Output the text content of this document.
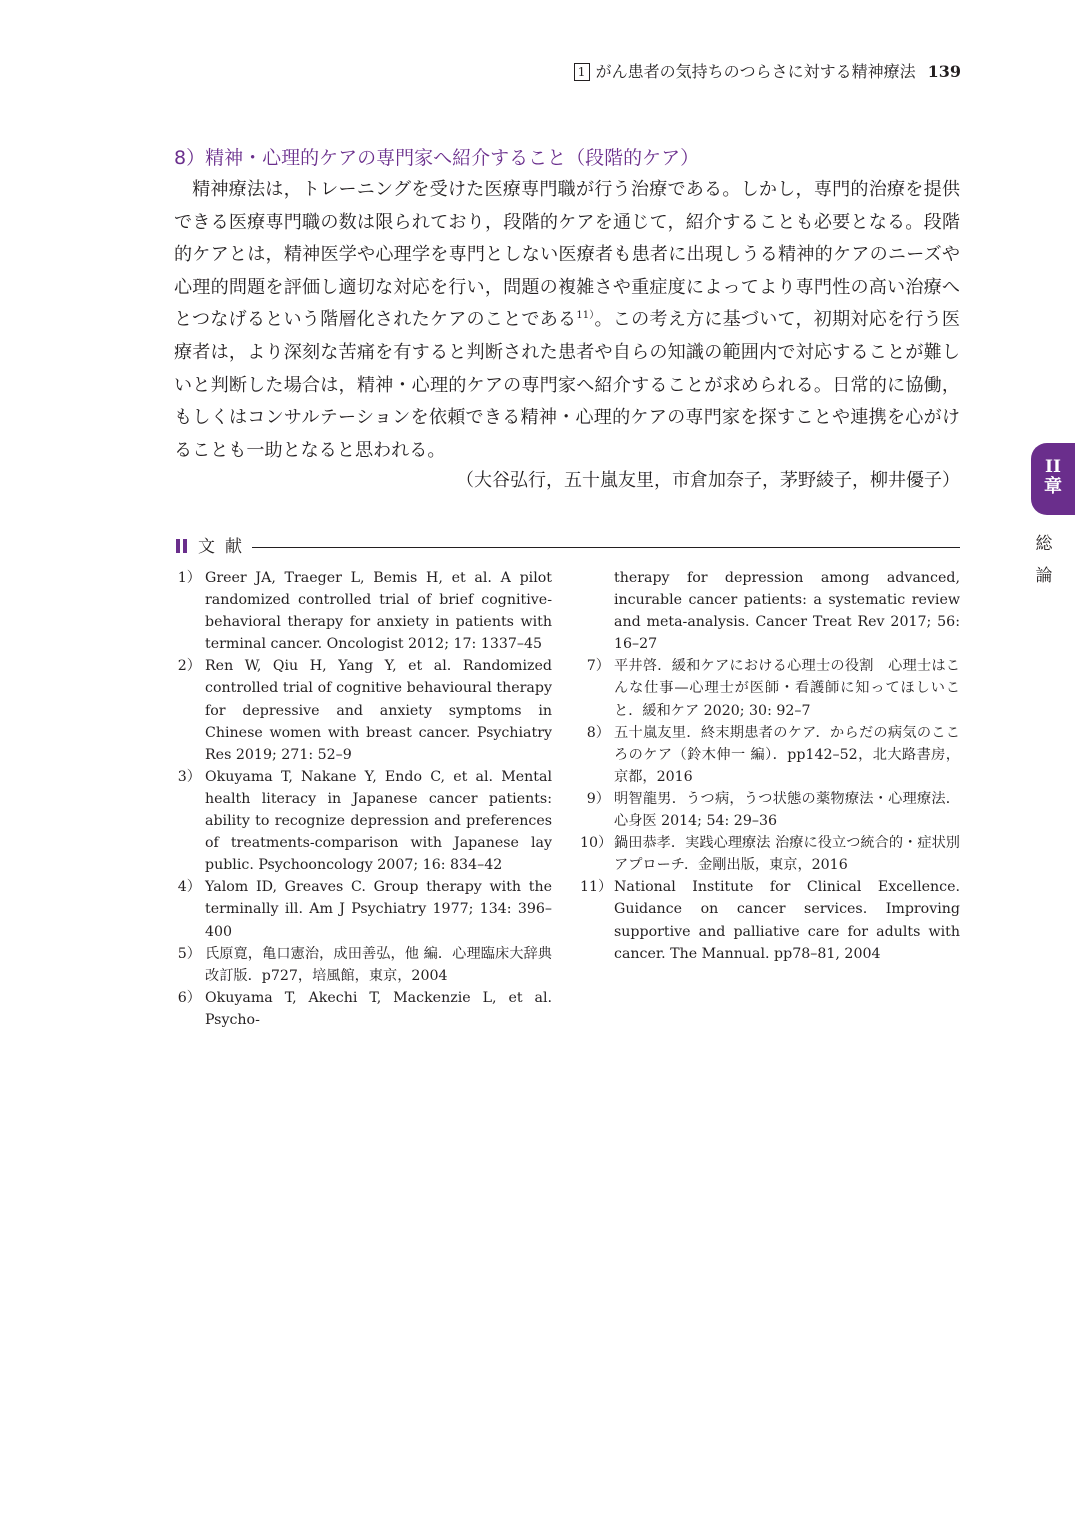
1 がん患者の気持ちのつらさに対する精神療法 139
8）精神・心理的ケアの専門家へ紹介すること（段階的ケア）

精神療法は，トレーニングを受けた医療専門職が行う治療である。しかし，専門的治療を提供できる医療専門職の数は限られており，段階的ケアを通じて，紹介することも必要となる。段階的ケアとは，精神医学や心理学を専門としない医療者も患者に出現しうる精神的ケアのニーズや心理的問題を評価し適切な対応を行い，問題の複雑さや重症度によってより専門性の高い治療へとつなげるという階層化されたケアのことである$^{11)}$。この考え方に基づいて，初期対応を行う医療者は，より深刻な苦痛を有すると判断された患者や自らの知識の範囲内で対応することが難しいと判断した場合は，精神・心理的ケアの専門家へ紹介することが求められる。日常的に協働，もしくはコンサルテーションを依頼できる精神・心理的ケアの専門家を探すことや連携を心がけることも一助となると思われる。

（大谷弘行，五十嵐友里，市倉加奈子，茅野綾子，柳井優子）
文献
1） Greer JA, Traeger L, Bemis H, et al. A pilot randomized controlled trial of brief cognitive-behavioral therapy for anxiety in patients with terminal cancer. Oncologist 2012; 17: 1337–45
2） Ren W, Qiu H, Yang Y, et al. Randomized controlled trial of cognitive behavioural therapy for depressive and anxiety symptoms in Chinese women with breast cancer. Psychiatry Res 2019; 271: 52–9
3） Okuyama T, Nakane Y, Endo C, et al. Mental health literacy in Japanese cancer patients: ability to recognize depression and preferences of treatments-comparison with Japanese lay public. Psychooncology 2007; 16: 834–42
4） Yalom ID, Greaves C. Group therapy with the terminally ill. Am J Psychiatry 1977; 134: 396–400
5） 氏原寛，亀口憲治，成田善弘，他 編．心理臨床大辞典 改訂版．p727，培風館，東京，2004
6） Okuyama T, Akechi T, Mackenzie L, et al. Psycho-
therapy for depression among advanced, incurable cancer patients: a systematic review and meta-analysis. Cancer Treat Rev 2017; 56: 16–27
7） 平井啓．緩和ケアにおける心理士の役割　心理士はこんな仕事—心理士が医師・看護師に知ってほしいこと．緩和ケア 2020; 30: 92–7
8） 五十嵐友里．終末期患者のケア．からだの病気のこころのケア（鈴木伸一 編）．pp142–52，北大路書房，京都，2016
9） 明智龍男．うつ病，うつ状態の薬物療法・心理療法．心身医 2014; 54: 29–36
10） 鍋田恭孝．実践心理療法 治療に役立つ統合的・症状別アプローチ．金剛出版，東京，2016
11） National Institute for Clinical Excellence. Guidance on cancer services. Improving supportive and palliative care for adults with cancer. The Mannual. pp78–81, 2004
II
章
総
論
